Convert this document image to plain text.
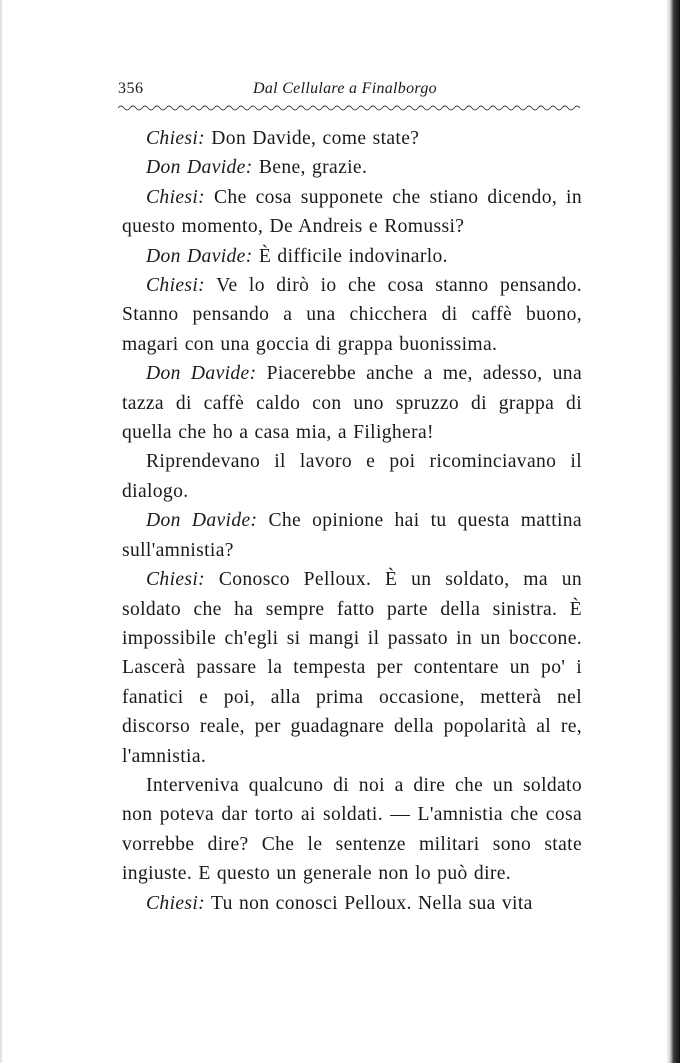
356	Dal Cellulare a Finalborgo

Chiesi: Don Davide, come state?

Don Davide: Bene, grazie.

Chiesi: Che cosa supponete che stiano dicendo, in questo momento, De Andreis e Romussi?

Don Davide: È difficile indovinarlo.

Chiesi: Ve lo dirò io che cosa stanno pensando. Stanno pensando a una chicchera di caffè buono, magari con una goccia di grappa buonissima.

Don Davide: Piacerebbe anche a me, adesso, una tazza di caffè caldo con uno spruzzo di grappa di quella che ho a casa mia, a Filighera!

Riprendevano il lavoro e poi ricominciavano il dialogo.

Don Davide: Che opinione hai tu questa mattina sull'amnistia?

Chiesi: Conosco Pelloux. È un soldato, ma un soldato che ha sempre fatto parte della sinistra. È impossibile ch'egli si mangi il passato in un boccone. Lascerà passare la tempesta per contentare un po' i fanatici e poi, alla prima occasione, metterà nel discorso reale, per guadagnare della popolarità al re, l'amnistia.

Interveniva qualcuno di noi a dire che un soldato non poteva dar torto ai soldati. — L'amnistia che cosa vorrebbe dire? Che le sentenze militari sono state ingiuste. E questo un generale non lo può dire.

Chiesi: Tu non conosci Pelloux. Nella sua vita
